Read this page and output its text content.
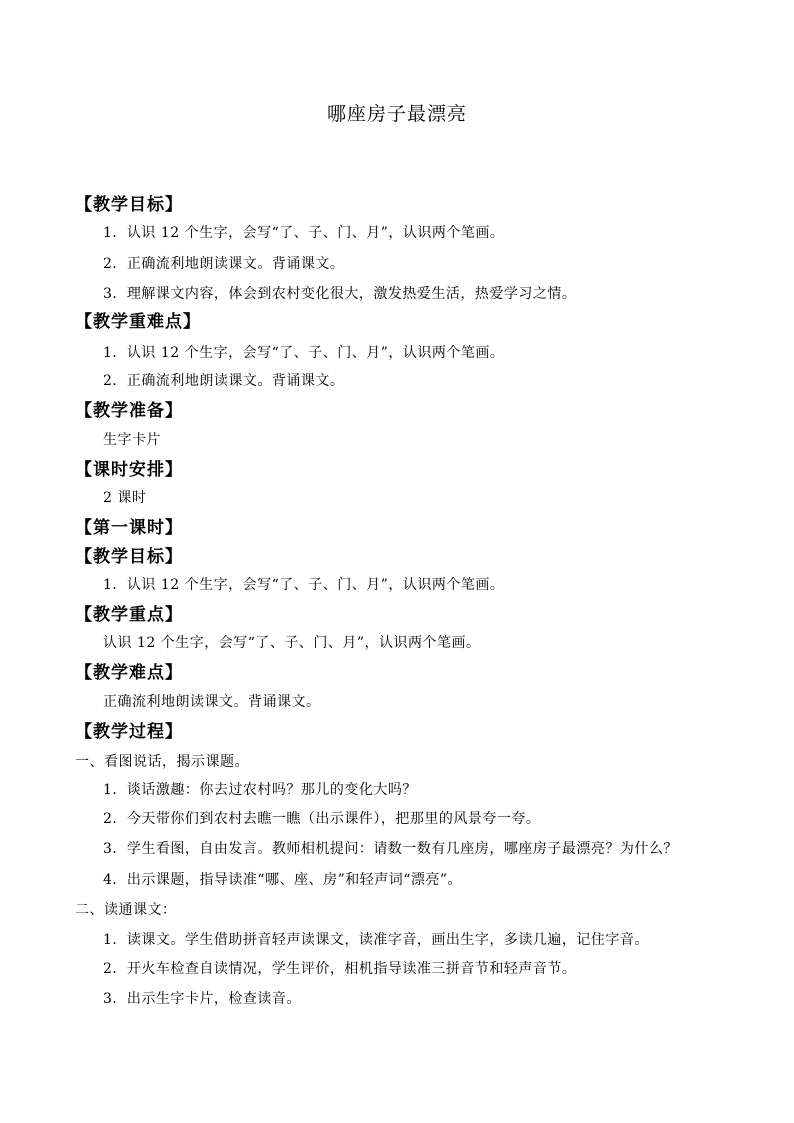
哪座房子最漂亮
【教学目标】
1．认识 12 个生字，会写“了、子、门、月”，认识两个笔画。
2．正确流利地朗读课文。背诵课文。
3．理解课文内容，体会到农村变化很大，激发热爱生活，热爱学习之情。
【教学重难点】
1．认识 12 个生字，会写“了、子、门、月”，认识两个笔画。
2．正确流利地朗读课文。背诵课文。
【教学准备】
生字卡片
【课时安排】
2 课时
【第一课时】
【教学目标】
1．认识 12 个生字，会写“了、子、门、月”，认识两个笔画。
【教学重点】
认识 12 个生字，会写“了、子、门、月”，认识两个笔画。
【教学难点】
正确流利地朗读课文。背诵课文。
【教学过程】
一、看图说话，揭示课题。
1．谈话激趣：你去过农村吗？那儿的变化大吗？
2．今天带你们到农村去瞧一瞧（出示课件），把那里的风景夸一夸。
3．学生看图，自由发言。教师相机提问：请数一数有几座房，哪座房子最漂亮？为什么？
4．出示课题，指导读准“哪、座、房”和轻声词“漂亮”。
二、读通课文：
1．读课文。学生借助拼音轻声读课文，读准字音，画出生字，多读几遍，记住字音。
2．开火车检查自读情况，学生评价，相机指导读准三拼音节和轻声音节。
3．出示生字卡片，检查读音。
